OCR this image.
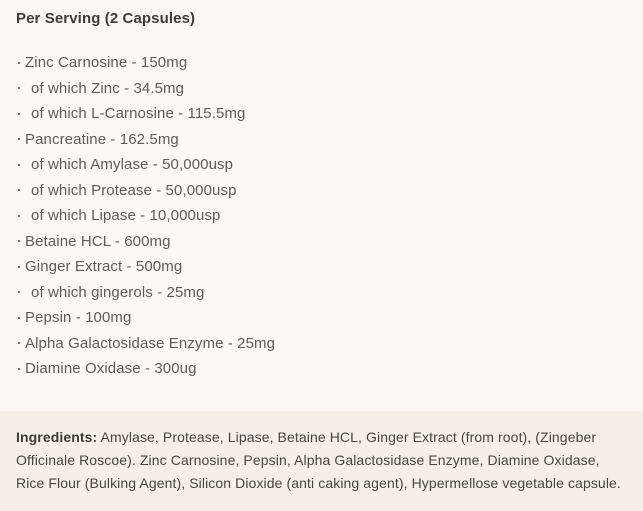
Per Serving (2 Capsules)
· Zinc Carnosine - 150mg
· of which Zinc - 34.5mg
· of which L-Carnosine - 115.5mg
· Pancreatine - 162.5mg
· of which Amylase - 50,000usp
· of which Protease - 50,000usp
· of which Lipase - 10,000usp
· Betaine HCL - 600mg
· Ginger Extract - 500mg
· of which gingerols - 25mg
· Pepsin - 100mg
· Alpha Galactosidase Enzyme - 25mg
· Diamine Oxidase - 300ug

Ingredients: Amylase, Protease, Lipase, Betaine HCL, Ginger Extract (from root), (Zingeber Officinale Roscoe). Zinc Carnosine, Pepsin, Alpha Galactosidase Enzyme, Diamine Oxidase, Rice Flour (Bulking Agent), Silicon Dioxide (anti caking agent), Hypermellose vegetable capsule.
